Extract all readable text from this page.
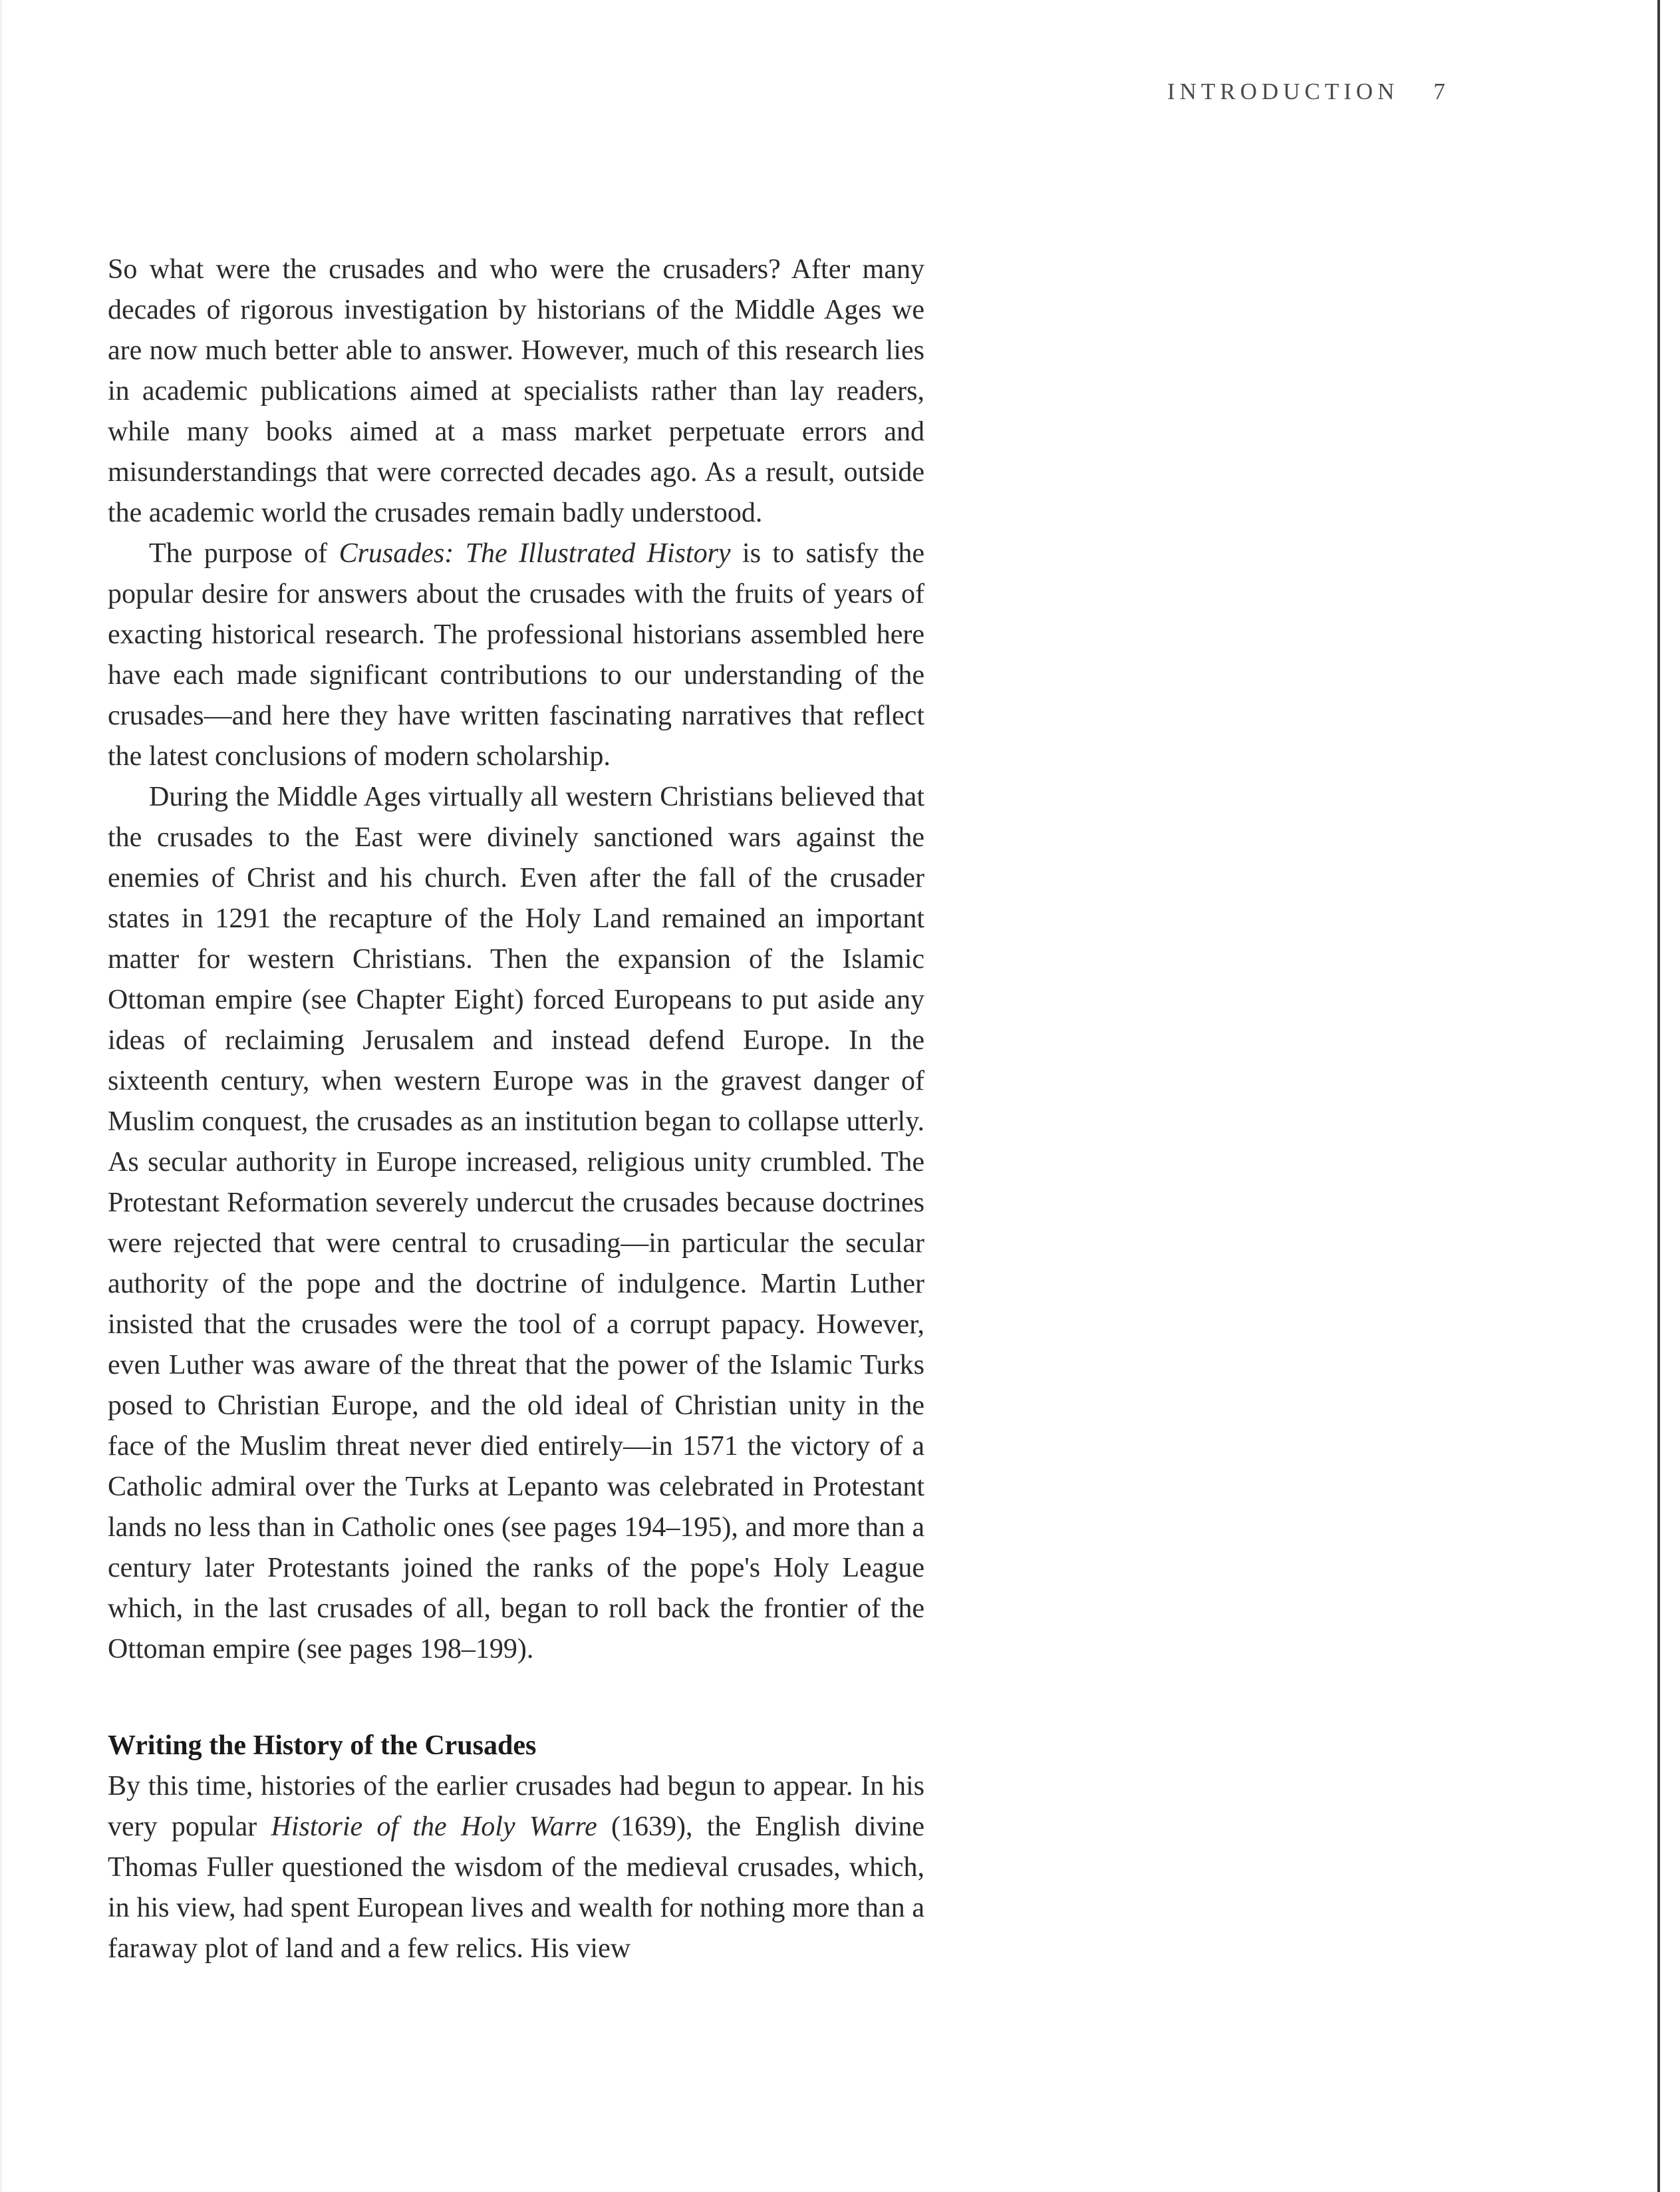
INTRODUCTION 7

So what were the crusades and who were the crusaders? After many decades of rigorous investigation by historians of the Middle Ages we are now much better able to answer. However, much of this research lies in academic publications aimed at specialists rather than lay readers, while many books aimed at a mass market perpetuate errors and misunderstandings that were corrected decades ago. As a result, outside the academic world the crusades remain badly understood.

The purpose of Crusades: The Illustrated History is to satisfy the popular desire for answers about the crusades with the fruits of years of exacting historical research. The professional historians assembled here have each made significant contributions to our understanding of the crusades—and here they have written fascinating narratives that reflect the latest conclusions of modern scholarship.

During the Middle Ages virtually all western Christians believed that the crusades to the East were divinely sanctioned wars against the enemies of Christ and his church. Even after the fall of the crusader states in 1291 the recapture of the Holy Land remained an important matter for western Christians. Then the expansion of the Islamic Ottoman empire (see Chapter Eight) forced Europeans to put aside any ideas of reclaiming Jerusalem and instead defend Europe. In the sixteenth century, when western Europe was in the gravest danger of Muslim conquest, the crusades as an institution began to collapse utterly. As secular authority in Europe increased, religious unity crumbled. The Protestant Reformation severely undercut the crusades because doctrines were rejected that were central to crusading—in particular the secular authority of the pope and the doctrine of indulgence. Martin Luther insisted that the crusades were the tool of a corrupt papacy. However, even Luther was aware of the threat that the power of the Islamic Turks posed to Christian Europe, and the old ideal of Christian unity in the face of the Muslim threat never died entirely—in 1571 the victory of a Catholic admiral over the Turks at Lepanto was celebrated in Protestant lands no less than in Catholic ones (see pages 194–195), and more than a century later Protestants joined the ranks of the pope's Holy League which, in the last crusades of all, began to roll back the frontier of the Ottoman empire (see pages 198–199).

Writing the History of the Crusades

By this time, histories of the earlier crusades had begun to appear. In his very popular Historie of the Holy Warre (1639), the English divine Thomas Fuller questioned the wisdom of the medieval crusades, which, in his view, had spent European lives and wealth for nothing more than a faraway plot of land and a few relics. His view
